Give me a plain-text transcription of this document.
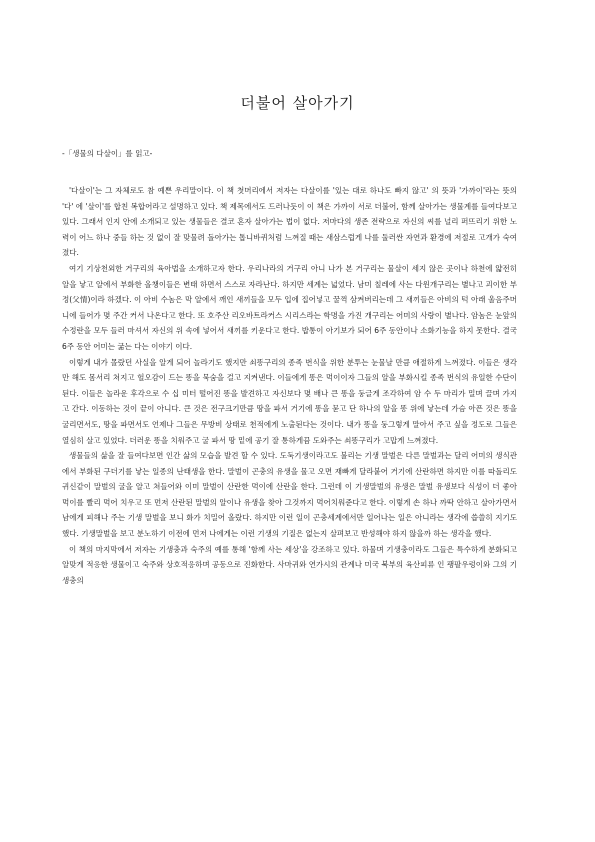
더불어 살아가기
-「생물의 다살이」를 읽고-

'다살이'는 그 자체로도 참 예쁜 우리말이다. 이 책 첫머리에서 저자는 다살이를 '있는 대로 하나도 빠지 않고' 의 뜻과 '가까이'라는 뜻의 '다' 에 '살이'를 합친 복합어라고 설명하고 있다. 책 제목에서도 드러나듯이 이 책은 가까이 서로 더불어, 함께 살아가는 생물계를 들여다보고 있다. 그래서 인지 안에 소개되고 있는 생물들은 결코 혼자 살아가는 법이 없다. 저마다의 생존 전략으로 자신의 씨를 널리 퍼뜨리기 위한 노력이 어느 하나 중들 하는 것 없이 잘 맞물려 돌아가는 톱니바퀴처럼 느껴질 때는 새삼스럽게 나를 둘러싼 자연과 환경에 저절로 고개가 숙여졌다.

여기 기상천외한 거구리의 육아법을 소개하고자 한다. 우리나라의 거구리 아니 나가 본 거구리는 물살이 세지 않은 곳이나 하천에 얇전히 알을 낳고 알에서 부화한 올챙이들은 변태 하면서 스스로 자라난다. 하지만 세계는 넓었다. 남미 칠레에 사는 다윈개구리는 별나고 괴이한 부정(父情)이라 하겠다. 이 아비 수놈은 막 알에서 깨인 새끼들을 모두 입에 집어넣고 꿀꺽 삼켜버리는데 그 새끼들은 아비의 턱 아래 울음주머니에 들어가 몇 주간 커서 나온다고 한다. 또 호주산 리오바트라커스 시리스라는 학명을 가진 개구리는 어미의 사랑이 별나다. 암놈은 눈앞의 수정란을 모두 들러 마셔서 자신의 위 속에 넣어서 새끼를 키운다고 한다. 밥통이 아기보가 되어 6주 동안이나 소화기능을 하지 못한다. 결국 6주 동안 어미는 굶는 다는 이야기 이다.

이렇게 내가 몰랐던 사실을 알게 되어 놀라기도 했지만 쇠똥구리의 종족 번식을 위한 분투는 눈물날 만큼 애절하게 느껴졌다. 이들은 생각만 해도 몸서리 쳐지고 헐오감이 드는 똥을 묵숨을 걸고 지켜낸다. 이들에게 똥은 먹이이자 그들의 알을 부화시킬 종족 번식의 유일한 수단이 된다. 이들은 놀라운 후각으로 수 십 미터 떨어진 똥을 발견하고 자신보다 몇 배나 큰 똥을 둥글게 조각하여 암 수 두 마리가 밀며 끌며 가지고 간다. 이동하는 것이 끝이 아니다. 큰 것은 전구크기만큼 땅을 파서 거기에 똥을 묻고 단 하나의 알을 똥 위에 낳는데 가슴 아픈 것은 똥을 굴리면서도, 땅을 파면서도 언제나 그들은 무방비 상태로 천적에게 노출된다는 것이다. 내가 똥을 둥그렇게 말아서 주고 싶을 정도로 그들은 열심히 살고 있었다. 더러운 똥을 치워주고 굴 파서 땅 밑에 공기 잘 통하게끔 도와주는 쇠똥구리가 고맙게 느껴졌다.

생물들의 삶을 잘 들여다보면 인간 삶의 모습을 발견 할 수 있다. 도둑기생이라고도 불리는 기생 말벌은 다른 말벌과는 달리 어미의 생식관에서 부화된 구더기를 낳는 일종의 난태생을 한다. 말벌이 곤충의 유생을 물고 오면 재빠게 달라붙어 거기에 산란하면 하지만 이를 따돌리도 귀신같이 말벌의 굴을 알고 쳐들어와 이미 말벌이 산란한 먹이에 산란을 한다. 그런데 이 기생말벌의 유생은 말벌 유생보다 식성이 더 좋아 먹이를 빨리 먹어 치우고 또 먼저 산란된 말벌의 알이나 유생을 찾아 그것까지 먹어치워준다고 한다. 이렇게 손 하나 까딱 안하고 살아가면서 남에게 피해나 주는 기생 말벌을 보니 화가 치밀어 올랐다. 하지만 이런 일이 곤충세계에서만 일어나는 일은 아니라는 생각에 씁쓸히 지기도 했다. 기생말벌을 보고 분노하기 이전에 먼저 나에게는 이런 기생의 기질은 없는지 살펴보고 반성해야 하지 않을까 하는 생각을 했다.

이 책의 마지막에서 저자는 기생충과 숙주의 예를 통해 '함께 사는 세상'을 강조하고 있다. 하물며 기생충이라도 그들은 특수하게 분화되고 알맞게 적응한 생물이고 숙주와 상호적응하며 공동으로 진화한다. 사마귀와 연가시의 관계나 미국 북부의 육산피류 인 팽팔우렁이와 그의 기생충의
